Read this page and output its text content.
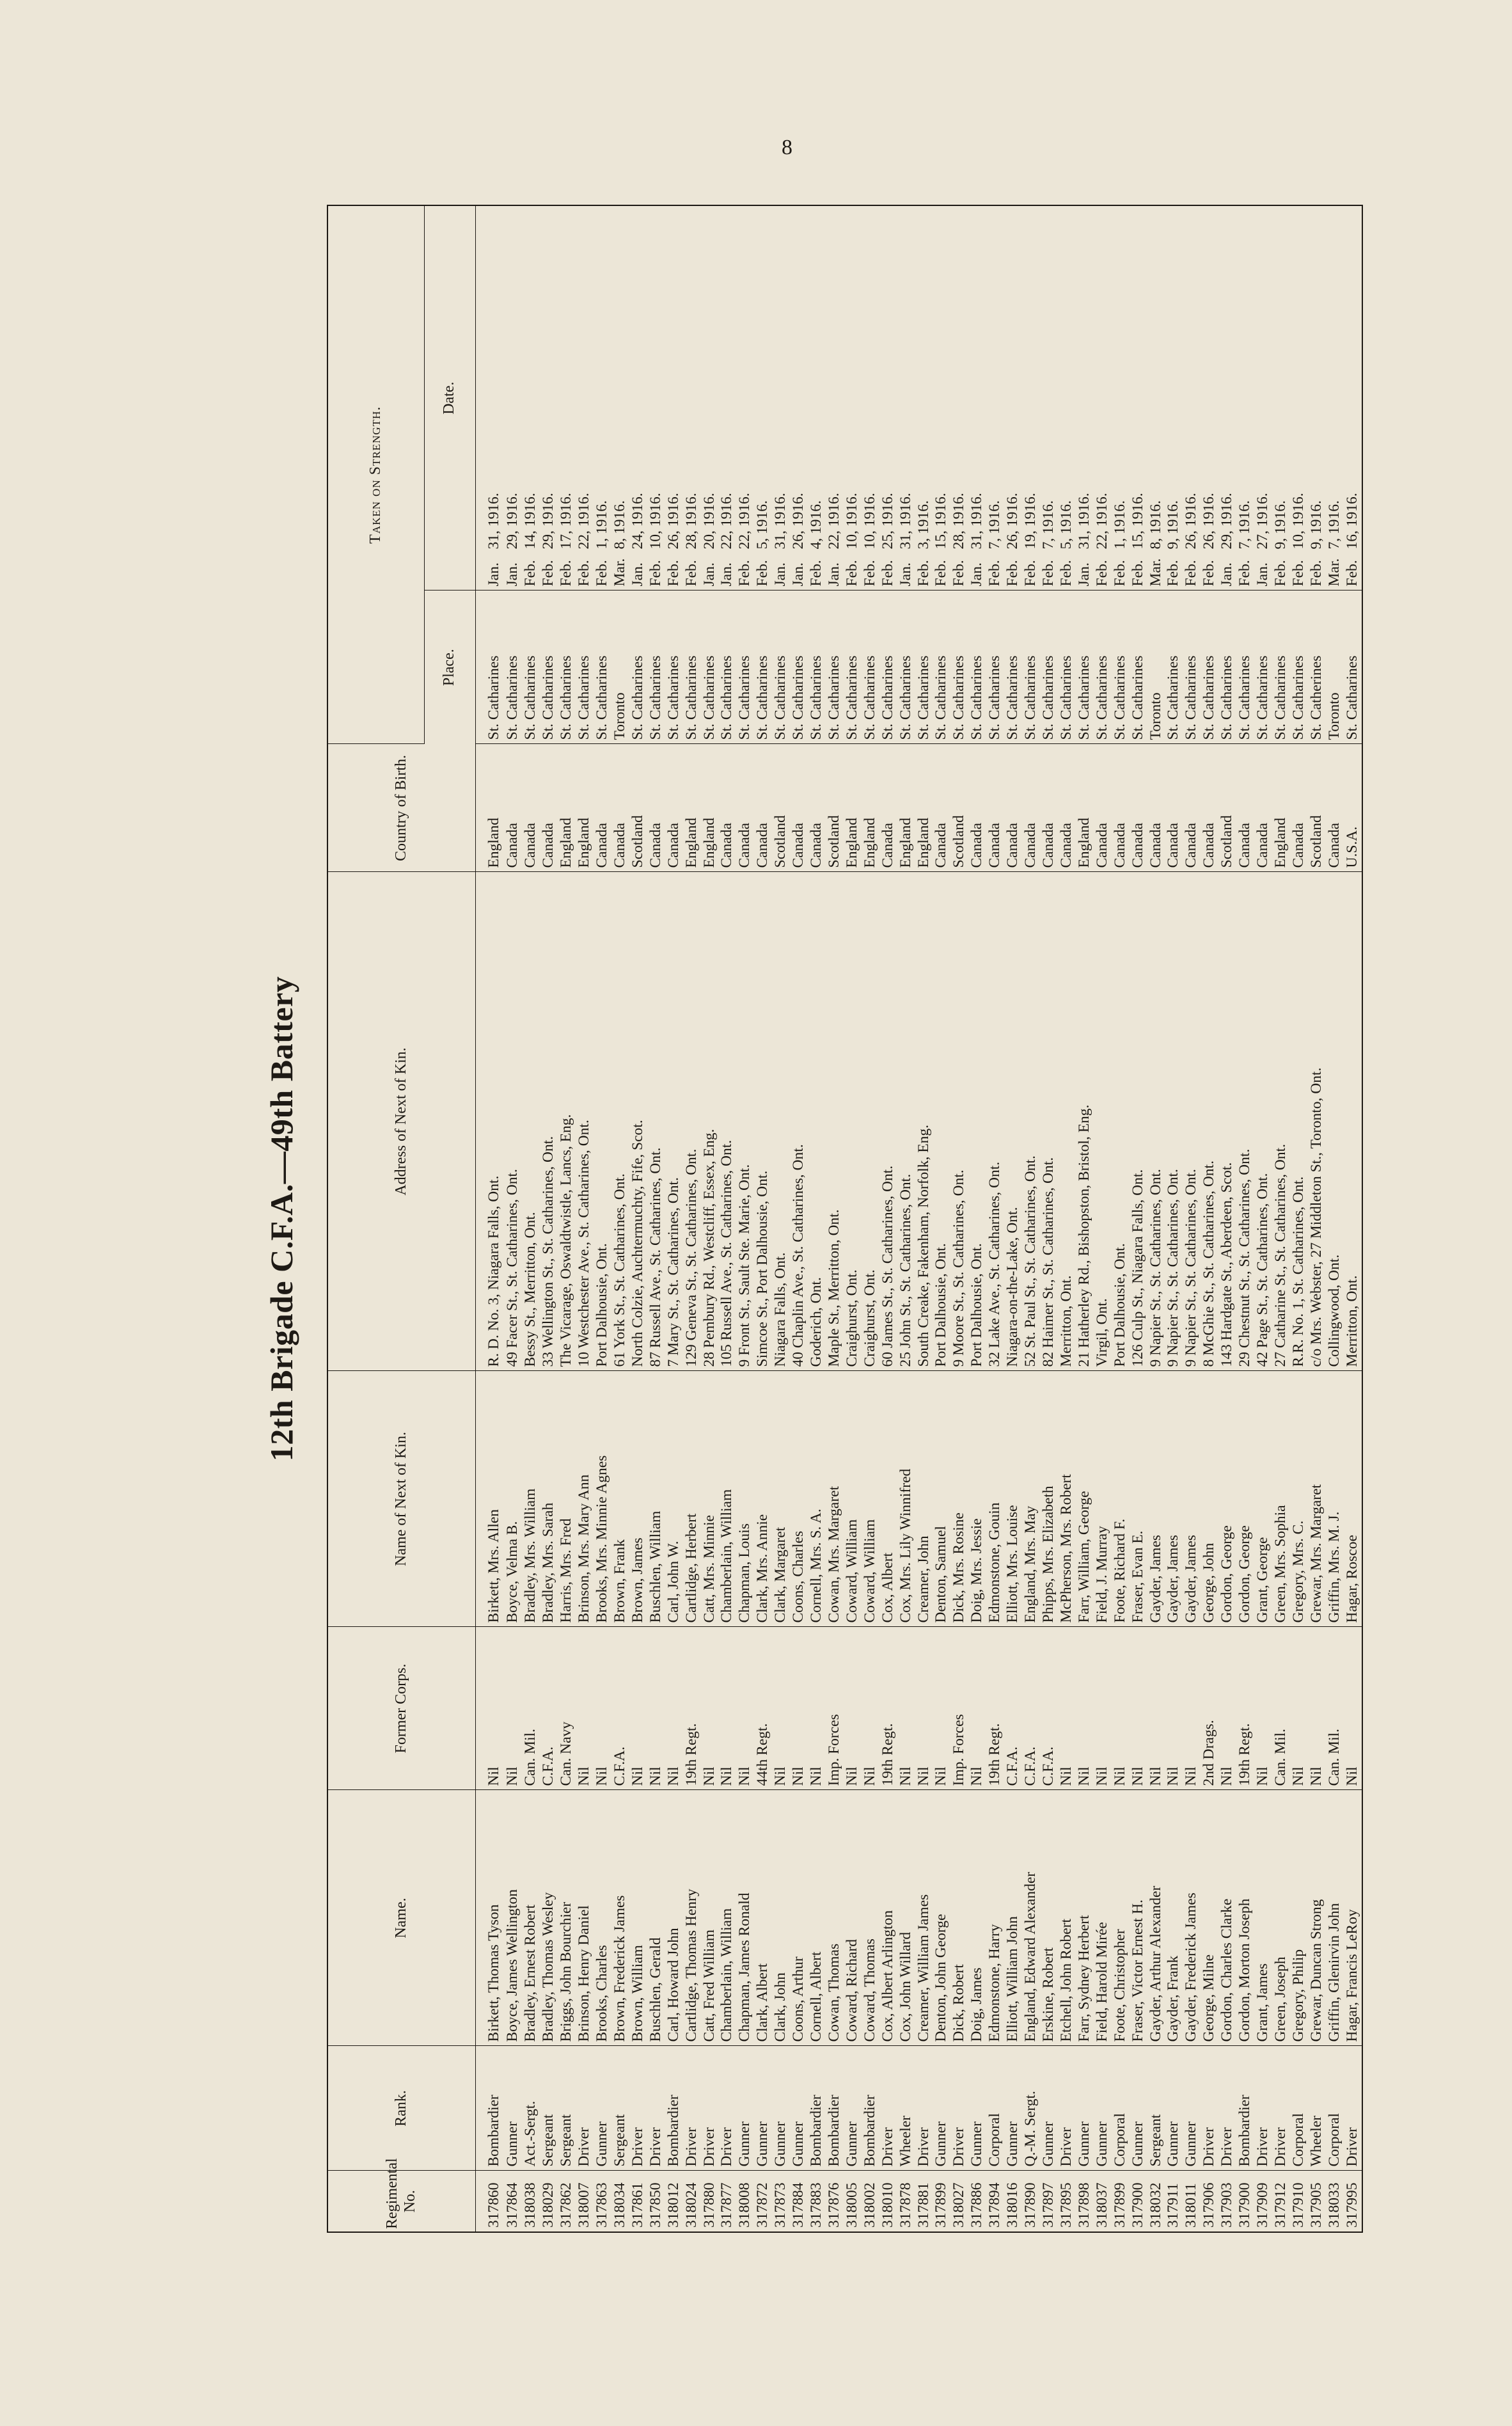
8
12th Brigade C.F.A.—49th Battery
Regimental No.	Rank.	Name.	Former Corps.	Name of Next of Kin.	Address of Next of Kin.	Country of Birth.	Taken on Strength.	
							Place.	Date.
317860	Bombardier	Birkett, Thomas Tyson	Nil	Birkett, Mrs. Allen	R. D. No. 3, Niagara Falls, Ont.	England	St. Catharines	Jan.31, 1916.
317864	Gunner	Boyce, James Wellington	Nil	Boyce, Velma B.	49 Facer St., St. Catharines, Ont.	Canada	St. Catharines	Jan.29, 1916.
318038	Act.-Sergt.	Bradley, Ernest Robert	Can. Mil.	Bradley, Mrs. William	Bessy St., Merritton, Ont.	Canada	St. Catharines	Feb.14, 1916.
318029	Sergeant	Bradley, Thomas Wesley	C.F.A.	Bradley, Mrs. Sarah	33 Wellington St., St. Catharines, Ont.	Canada	St. Catharines	Feb.29, 1916.
317862	Sergeant	Briggs, John Bourchier	Can. Navy	Harris, Mrs. Fred	The Vicarage, Oswaldtwistle, Lancs, Eng.	England	St. Catharines	Feb.17, 1916.
318007	Driver	Brinson, Henry Daniel	Nil	Brinson, Mrs. Mary Ann	10 Westchester Ave., St. Catharines, Ont.	England	St. Catharines	Feb.22, 1916.
317863	Gunner	Brooks, Charles	Nil	Brooks, Mrs. Minnie Agnes	Port Dalhousie, Ont.	Canada	St. Catharines	Feb.1, 1916.
318034	Sergeant	Brown, Frederick James	C.F.A.	Brown, Frank	61 York St., St. Catharines, Ont.	Canada	Toronto	Mar.8, 1916.
317861	Driver	Brown, William	Nil	Brown, James	North Colzie, Auchtermuchty, Fife, Scot.	Scotland	St. Catharines	Jan.24, 1916.
317850	Driver	Buschlen, Gerald	Nil	Buschlen, William	87 Russell Ave., St. Catharines, Ont.	Canada	St. Catharines	Feb.10, 1916.
318012	Bombardier	Carl, Howard John	Nil	Carl, John W.	7 Mary St., St. Catharines, Ont.	Canada	St. Catharines	Feb.26, 1916.
318024	Driver	Cartlidge, Thomas Henry	19th Regt.	Cartlidge, Herbert	129 Geneva St., St. Catharines, Ont.	England	St. Catharines	Feb.28, 1916.
317880	Driver	Catt, Fred William	Nil	Catt, Mrs. Minnie	28 Pembury Rd., Westcliff, Essex, Eng.	England	St. Catharines	Jan.20, 1916.
317877	Driver	Chamberlain, William	Nil	Chamberlain, William	105 Russell Ave., St. Catharines, Ont.	Canada	St. Catharines	Jan.22, 1916.
318008	Gunner	Chapman, James Ronald	Nil	Chapman, Louis	9 Front St., Sault Ste. Marie, Ont.	Canada	St. Catharines	Feb.22, 1916.
317872	Gunner	Clark, Albert	44th Regt.	Clark, Mrs. Annie	Simcoe St., Port Dalhousie, Ont.	Canada	St. Catharines	Feb.5, 1916.
317873	Gunner	Clark, John	Nil	Clark, Margaret	Niagara Falls, Ont.	Scotland	St. Catharines	Jan.31, 1916.
317884	Gunner	Coons, Arthur	Nil	Coons, Charles	40 Chaplin Ave., St. Catharines, Ont.	Canada	St. Catharines	Jan.26, 1916.
317883	Bombardier	Cornell, Albert	Nil	Cornell, Mrs. S. A.	Goderich, Ont.	Canada	St. Catharines	Feb.4, 1916.
317876	Bombardier	Cowan, Thomas	Imp. Forces	Cowan, Mrs. Margaret	Maple St., Merritton, Ont.	Scotland	St. Catharines	Jan.22, 1916.
318005	Gunner	Coward, Richard	Nil	Coward, William	Craighurst, Ont.	England	St. Catharines	Feb.10, 1916.
318002	Bombardier	Coward, Thomas	Nil	Coward, William	Craighurst, Ont.	England	St. Catharines	Feb.10, 1916.
318010	Driver	Cox, Albert Arlington	19th Regt.	Cox, Albert	60 James St., St. Catharines, Ont.	Canada	St. Catharines	Feb.25, 1916.
317878	Wheeler	Cox, John Willard	Nil	Cox, Mrs. Lily Winnifred	25 John St., St. Catharines, Ont.	England	St. Catharines	Jan.31, 1916.
317881	Driver	Creamer, William James	Nil	Creamer, John	South Creake, Fakenham, Norfolk, Eng.	England	St. Catharines	Feb.3, 1916.
317899	Gunner	Denton, John George	Nil	Denton, Samuel	Port Dalhousie, Ont.	Canada	St. Catharines	Feb.15, 1916.
318027	Driver	Dick, Robert	Imp. Forces	Dick, Mrs. Rosine	9 Moore St., St. Catharines, Ont.	Scotland	St. Catharines	Feb.28, 1916.
317886	Gunner	Doig, James	Nil	Doig, Mrs. Jessie	Port Dalhousie, Ont.	Canada	St. Catharines	Jan.31, 1916.
317894	Corporal	Edmonstone, Harry	19th Regt.	Edmonstone, Gouin	32 Lake Ave., St. Catharines, Ont.	Canada	St. Catharines	Feb.7, 1916.
318016	Gunner	Elliott, William John	C.F.A.	Elliott, Mrs. Louise	Niagara-on-the-Lake, Ont.	Canada	St. Catharines	Feb.26, 1916.
317890	Q.-M. Sergt.	England, Edward Alexander	C.F.A.	England, Mrs. May	52 St. Paul St., St. Catharines, Ont.	Canada	St. Catharines	Feb.19, 1916.
317897	Gunner	Erskine, Robert	C.F.A.	Phipps, Mrs. Elizabeth	82 Haimer St., St. Catharines, Ont.	Canada	St. Catharines	Feb.7, 1916.
317895	Driver	Etchell, John Robert	Nil	McPherson, Mrs. Robert	Merritton, Ont.	Canada	St. Catharines	Feb.5, 1916.
317898	Gunner	Farr, Sydney Herbert	Nil	Farr, William, George	21 Hatherley Rd., Bishopston, Bristol, Eng.	England	St. Catharines	Jan.31, 1916.
318037	Gunner	Field, Harold Mirée	Nil	Field, J. Murray	Virgil, Ont.	Canada	St. Catharines	Feb.22, 1916.
317899	Corporal	Foote, Christopher	Nil	Foote, Richard F.	Port Dalhousie, Ont.	Canada	St. Catharines	Feb.1, 1916.
317900	Gunner	Fraser, Victor Ernest H.	Nil	Fraser, Evan E.	126 Culp St., Niagara Falls, Ont.	Canada	St. Catharines	Feb.15, 1916.
318032	Sergeant	Gayder, Arthur Alexander	Nil	Gayder, James	9 Napier St., St. Catharines, Ont.	Canada	Toronto	Mar.8, 1916.
317911	Gunner	Gayder, Frank	Nil	Gayder, James	9 Napier St., St. Catharines, Ont.	Canada	St. Catharines	Feb.9, 1916.
318011	Gunner	Gayder, Frederick James	Nil	Gayder, James	9 Napier St., St. Catharines, Ont.	Canada	St. Catharines	Feb.26, 1916.
317906	Driver	George, Milne	2nd Drags.	George, John	8 McGhie St., St. Catharines, Ont.	Canada	St. Catharines	Feb.26, 1916.
317903	Driver	Gordon, Charles Clarke	Nil	Gordon, George	143 Hardgate St., Aberdeen, Scot.	Scotland	St. Catharines	Jan.29, 1916.
317900	Bombardier	Gordon, Morton Joseph	19th Regt.	Gordon, George	29 Chestnut St., St. Catharines, Ont.	Canada	St. Catharines	Feb.7, 1916.
317909	Driver	Grant, James	Nil	Grant, George	42 Page St., St. Catharines, Ont.	Canada	St. Catharines	Jan.27, 1916.
317912	Driver	Green, Joseph	Can. Mil.	Green, Mrs. Sophia	27 Catharine St., St. Catharines, Ont.	England	St. Catharines	Feb.9, 1916.
317910	Corporal	Gregory, Philip	Nil	Gregory, Mrs. C.	R.R. No. 1, St. Catharines, Ont.	Canada	St. Catharines	Feb.10, 1916.
317905	Wheeler	Grewar, Duncan Strong	Nil	Grewar, Mrs. Margaret	c/o Mrs. Webster, 27 Middleton St., Toronto, Ont.	Scotland	St. Catherines	Feb.9, 1916.
318033	Corporal	Griffin, Glenirvin John	Can. Mil.	Griffin, Mrs. M. J.	Collingwood, Ont.	Canada	Toronto	Mar.7, 1916.
317995	Driver	Hagar, Francis LeRoy	Nil	Hagar, Roscoe	Merritton, Ont.	U.S.A.	St. Catharines	Feb.16, 1916.
